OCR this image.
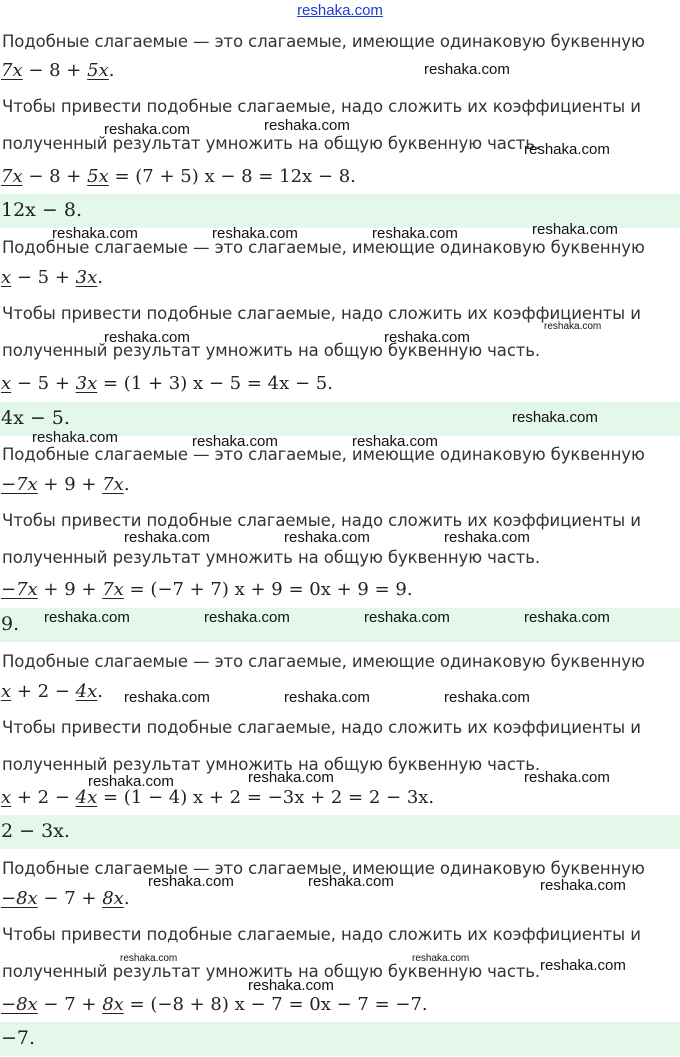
reshaka.com
Подобные слагаемые — это слагаемые, имеющие одинаковую буквенную
7x − 8 + 5x.
Чтобы привести подобные слагаемые, надо сложить их коэффициенты и
полученный результат умножить на общую буквенную часть.
7x − 8 + 5x = (7 + 5) x − 8 = 12x − 8.
12x − 8.
Подобные слагаемые — это слагаемые, имеющие одинаковую буквенную
x − 5 + 3x.
Чтобы привести подобные слагаемые, надо сложить их коэффициенты и
полученный результат умножить на общую буквенную часть.
x − 5 + 3x = (1 + 3) x − 5 = 4x − 5.
4x − 5.
Подобные слагаемые — это слагаемые, имеющие одинаковую буквенную
−7x + 9 + 7x.
Чтобы привести подобные слагаемые, надо сложить их коэффициенты и
полученный результат умножить на общую буквенную часть.
−7x + 9 + 7x = (−7 + 7) x + 9 = 0x + 9 = 9.
9.
Подобные слагаемые — это слагаемые, имеющие одинаковую буквенную
x + 2 − 4x.
Чтобы привести подобные слагаемые, надо сложить их коэффициенты и
полученный результат умножить на общую буквенную часть.
x + 2 − 4x = (1 − 4) x + 2 = −3x + 2 = 2 − 3x.
2 − 3x.
Подобные слагаемые — это слагаемые, имеющие одинаковую буквенную
−8x − 7 + 8x.
Чтобы привести подобные слагаемые, надо сложить их коэффициенты и
полученный результат умножить на общую буквенную часть.
−8x − 7 + 8x = (−8 + 8) x − 7 = 0x − 7 = −7.
−7.
reshaka.com
reshaka.com	reshaka.com
reshaka.com
reshaka.com	reshaka.com	reshaka.com	reshaka.com
reshaka.com	reshaka.com
reshaka.com
reshaka.com
reshaka.com	reshaka.com	reshaka.com
reshaka.com	reshaka.com	reshaka.com
reshaka.com	reshaka.com	reshaka.com	reshaka.com
reshaka.com	reshaka.com	reshaka.com
reshaka.com	reshaka.com	reshaka.com
reshaka.com	reshaka.com	reshaka.com
reshaka.com	reshaka.com	reshaka.com
reshaka.com
